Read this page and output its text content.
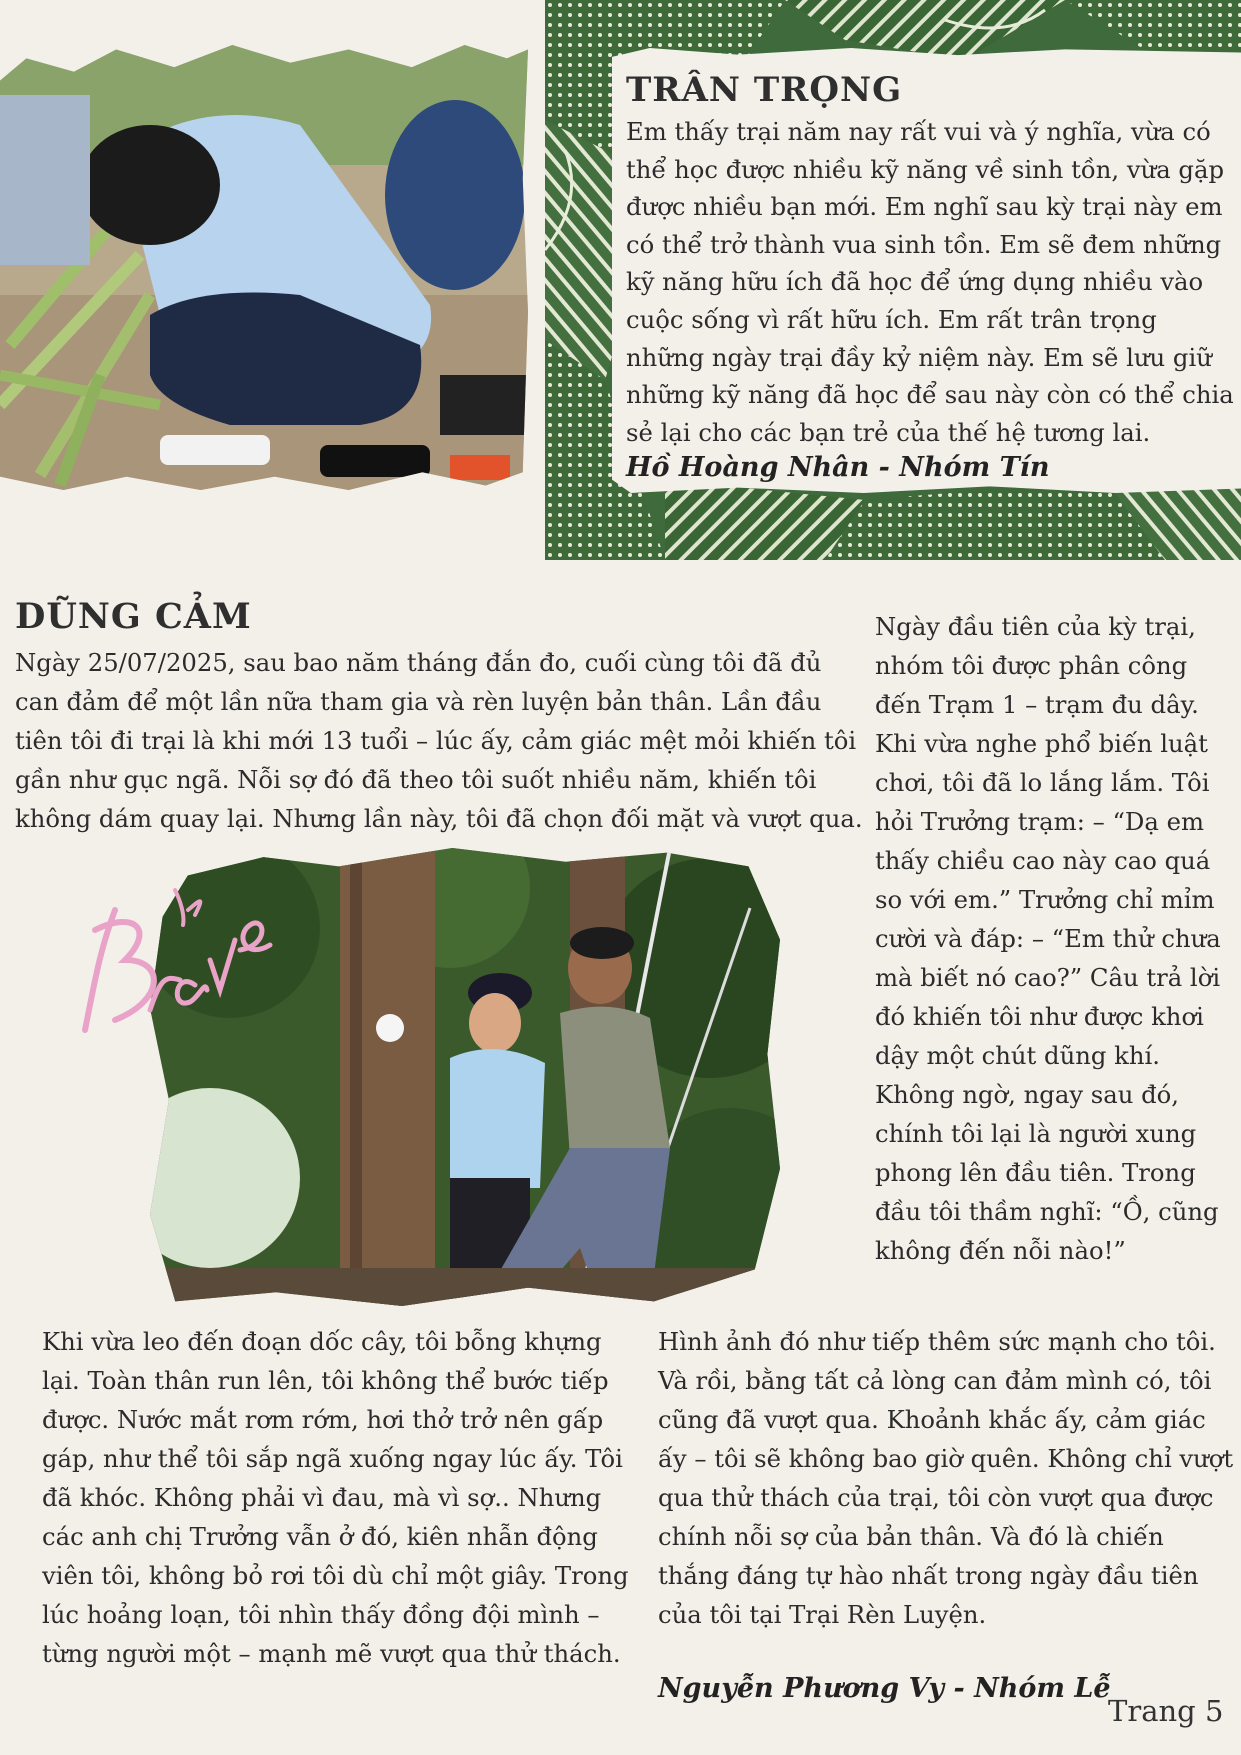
TRÂN TRỌNG

Em thấy trại năm nay rất vui và ý nghĩa, vừa có thể học được nhiều kỹ năng về sinh tồn, vừa gặp được nhiều bạn mới. Em nghĩ sau kỳ trại này em có thể trở thành vua sinh tồn. Em sẽ đem những kỹ năng hữu ích đã học để ứng dụng nhiều vào cuộc sống vì rất hữu ích. Em rất trân trọng những ngày trại đầy kỷ niệm này. Em sẽ lưu giữ những kỹ năng đã học để sau này còn có thể chia sẻ lại cho các bạn trẻ của thế hệ tương lai.

Hồ Hoàng Nhân - Nhóm Tín
DŨNG CẢM

Ngày 25/07/2025, sau bao năm tháng đắn đo, cuối cùng tôi đã đủ can đảm để một lần nữa tham gia và rèn luyện bản thân. Lần đầu tiên tôi đi trại là khi mới 13 tuổi – lúc ấy, cảm giác mệt mỏi khiến tôi gần như gục ngã. Nỗi sợ đó đã theo tôi suốt nhiều năm, khiến tôi không dám quay lại. Nhưng lần này, tôi đã chọn đối mặt và vượt qua.

Ngày đầu tiên của kỳ trại, nhóm tôi được phân công đến Trạm 1 – trạm đu dây. Khi vừa nghe phổ biến luật chơi, tôi đã lo lắng lắm. Tôi hỏi Trưởng trạm: – “Dạ em thấy chiều cao này cao quá so với em.” Trưởng chỉ mỉm cười và đáp: – “Em thử chưa mà biết nó cao?” Câu trả lời đó khiến tôi như được khơi dậy một chút dũng khí. Không ngờ, ngay sau đó, chính tôi lại là người xung phong lên đầu tiên. Trong đầu tôi thầm nghĩ: “Ồ, cũng không đến nỗi nào!”

Khi vừa leo đến đoạn dốc cây, tôi bỗng khựng lại. Toàn thân run lên, tôi không thể bước tiếp được. Nước mắt rơm rớm, hơi thở trở nên gấp gáp, như thể tôi sắp ngã xuống ngay lúc ấy. Tôi đã khóc. Không phải vì đau, mà vì sợ.. Nhưng các anh chị Trưởng vẫn ở đó, kiên nhẫn động viên tôi, không bỏ rơi tôi dù chỉ một giây. Trong lúc hoảng loạn, tôi nhìn thấy đồng đội mình – từng người một – mạnh mẽ vượt qua thử thách.

Hình ảnh đó như tiếp thêm sức mạnh cho tôi. Và rồi, bằng tất cả lòng can đảm mình có, tôi cũng đã vượt qua. Khoảnh khắc ấy, cảm giác ấy – tôi sẽ không bao giờ quên. Không chỉ vượt qua thử thách của trại, tôi còn vượt qua được chính nỗi sợ của bản thân. Và đó là chiến thắng đáng tự hào nhất trong ngày đầu tiên của tôi tại Trại Rèn Luyện.

Nguyễn Phương Vy - Nhóm Lễ
Trang 5
